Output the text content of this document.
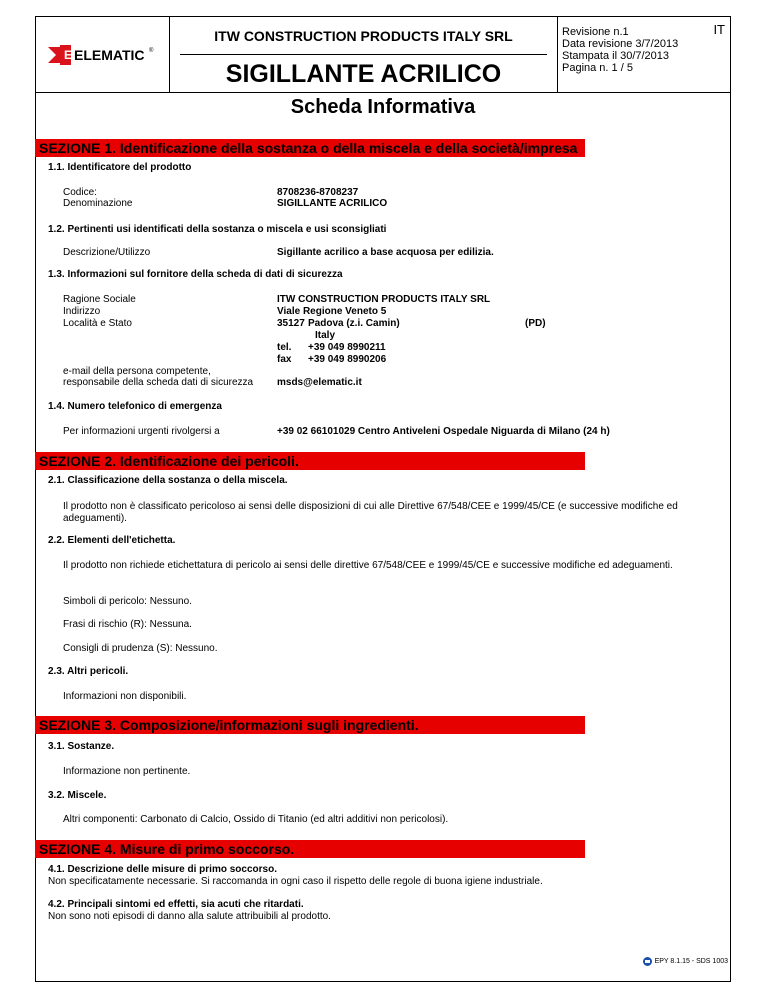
E ELEMATIC ®
ITW CONSTRUCTION PRODUCTS ITALY SRL
SIGILLANTE ACRILICO
Revisione n.1
Data revisione 3/7/2013
Stampata il 30/7/2013
Pagina n. 1 / 5
IT
Scheda Informativa
SEZIONE 1. Identificazione della sostanza o della miscela e della società/impresa
1.1. Identificatore del prodotto
Codice:	8708236-8708237
Denominazione	SIGILLANTE ACRILICO
1.2. Pertinenti usi identificati della sostanza o miscela e usi sconsigliati
Descrizione/Utilizzo	Sigillante acrilico a base acquosa per edilizia.
1.3. Informazioni sul fornitore della scheda di dati di sicurezza
Ragione Sociale	ITW CONSTRUCTION PRODUCTS ITALY SRL
Indirizzo	Viale Regione Veneto 5
Località e Stato	35127 Padova (z.i. Camin)	(PD)
Italy
tel. +39 049 8990211
fax +39 049 8990206
e-mail della persona competente,
responsabile della scheda dati di sicurezza msds@elematic.it
1.4. Numero telefonico di emergenza
Per informazioni urgenti rivolgersi a	+39 02 66101029 Centro Antiveleni Ospedale Niguarda di Milano (24 h)
SEZIONE 2. Identificazione dei pericoli.
2.1. Classificazione della sostanza o della miscela.
Il prodotto non è classificato pericoloso ai sensi delle disposizioni di cui alle Direttive 67/548/CEE e 1999/45/CE (e successive modifiche ed
adeguamenti).
2.2. Elementi dell'etichetta.
Il prodotto non richiede etichettatura di pericolo ai sensi delle direttive 67/548/CEE e 1999/45/CE e successive modifiche ed adeguamenti.
Simboli di pericolo: Nessuno.
Frasi di rischio (R): Nessuna.
Consigli di prudenza (S): Nessuno.
2.3. Altri pericoli.
Informazioni non disponibili.
SEZIONE 3. Composizione/informazioni sugli ingredienti.
3.1. Sostanze.
Informazione non pertinente.
3.2. Miscele.
Altri componenti: Carbonato di Calcio, Ossido di Titanio (ed altri additivi non pericolosi).
SEZIONE 4. Misure di primo soccorso.
4.1. Descrizione delle misure di primo soccorso.
Non specificatamente necessarie. Si raccomanda in ogni caso il rispetto delle regole di buona igiene industriale.
4.2. Principali sintomi ed effetti, sia acuti che ritardati.
Non sono noti episodi di danno alla salute attribuibili al prodotto.
EPY 8.1.15 - SDS 1003
